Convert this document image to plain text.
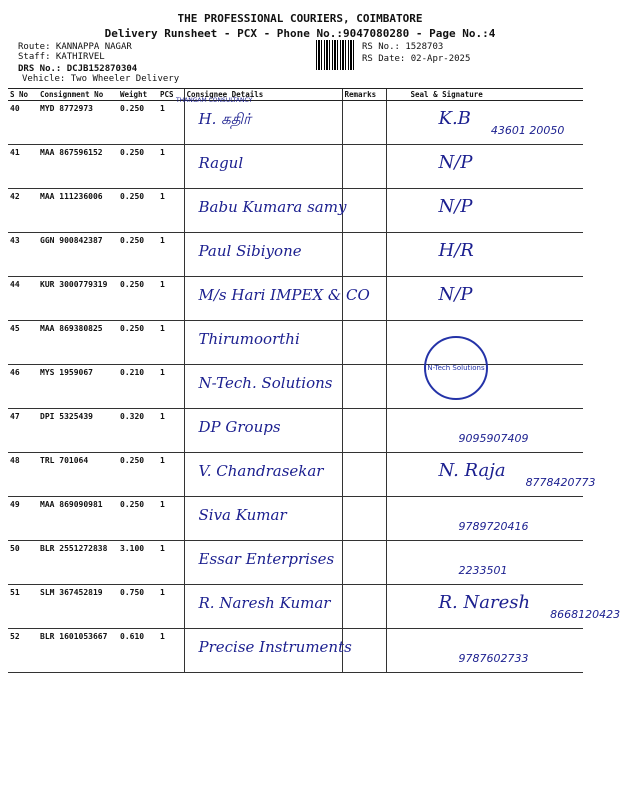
THE PROFESSIONAL COURIERS, COIMBATORE
Delivery Runsheet - PCX - Phone No.:9047080280 - Page No.:4
Route: KANNAPPA NAGAR
Staff: KATHIRVEL
DRS No.: DCJB152870304
Vehicle: Two Wheeler Delivery
RS No.: 1528703
RS Date: 02-Apr-2025
S No	Consignment No	Weight	PCS	Consignee Details	Remarks	Seal & Signature
40	MYD 8772973	0.250	1	H. கதிர்		K.B43601 20050
41	MAA 867596152	0.250	1	Ragul		N/P
42	MAA 111236006	0.250	1	Babu Kumara samy		N/P
43	GGN 900842387	0.250	1	Paul Sibiyone		H/R
44	KUR 3000779319	0.250	1	M/s Hari IMPEX & CO		N/P
45	MAA 869380825	0.250	1	Thirumoorthi		
46	MYS 1959067	0.210	1	N-Tech. Solutions		
47	DPI 5325439	0.320	1	DP Groups		9095907409
48	TRL 701064	0.250	1	V. Chandrasekar		N. Raja8778420773
49	MAA 869090981	0.250	1	Siva Kumar		9789720416
50	BLR 2551272838	3.100	1	Essar Enterprises		2233501
51	SLM 367452819	0.750	1	R. Naresh Kumar		R. Naresh8668120423
52	BLR 1601053667	0.610	1	Precise Instruments		9787602733
N-Tech Solutions
THANGAM CONSULTANCY
